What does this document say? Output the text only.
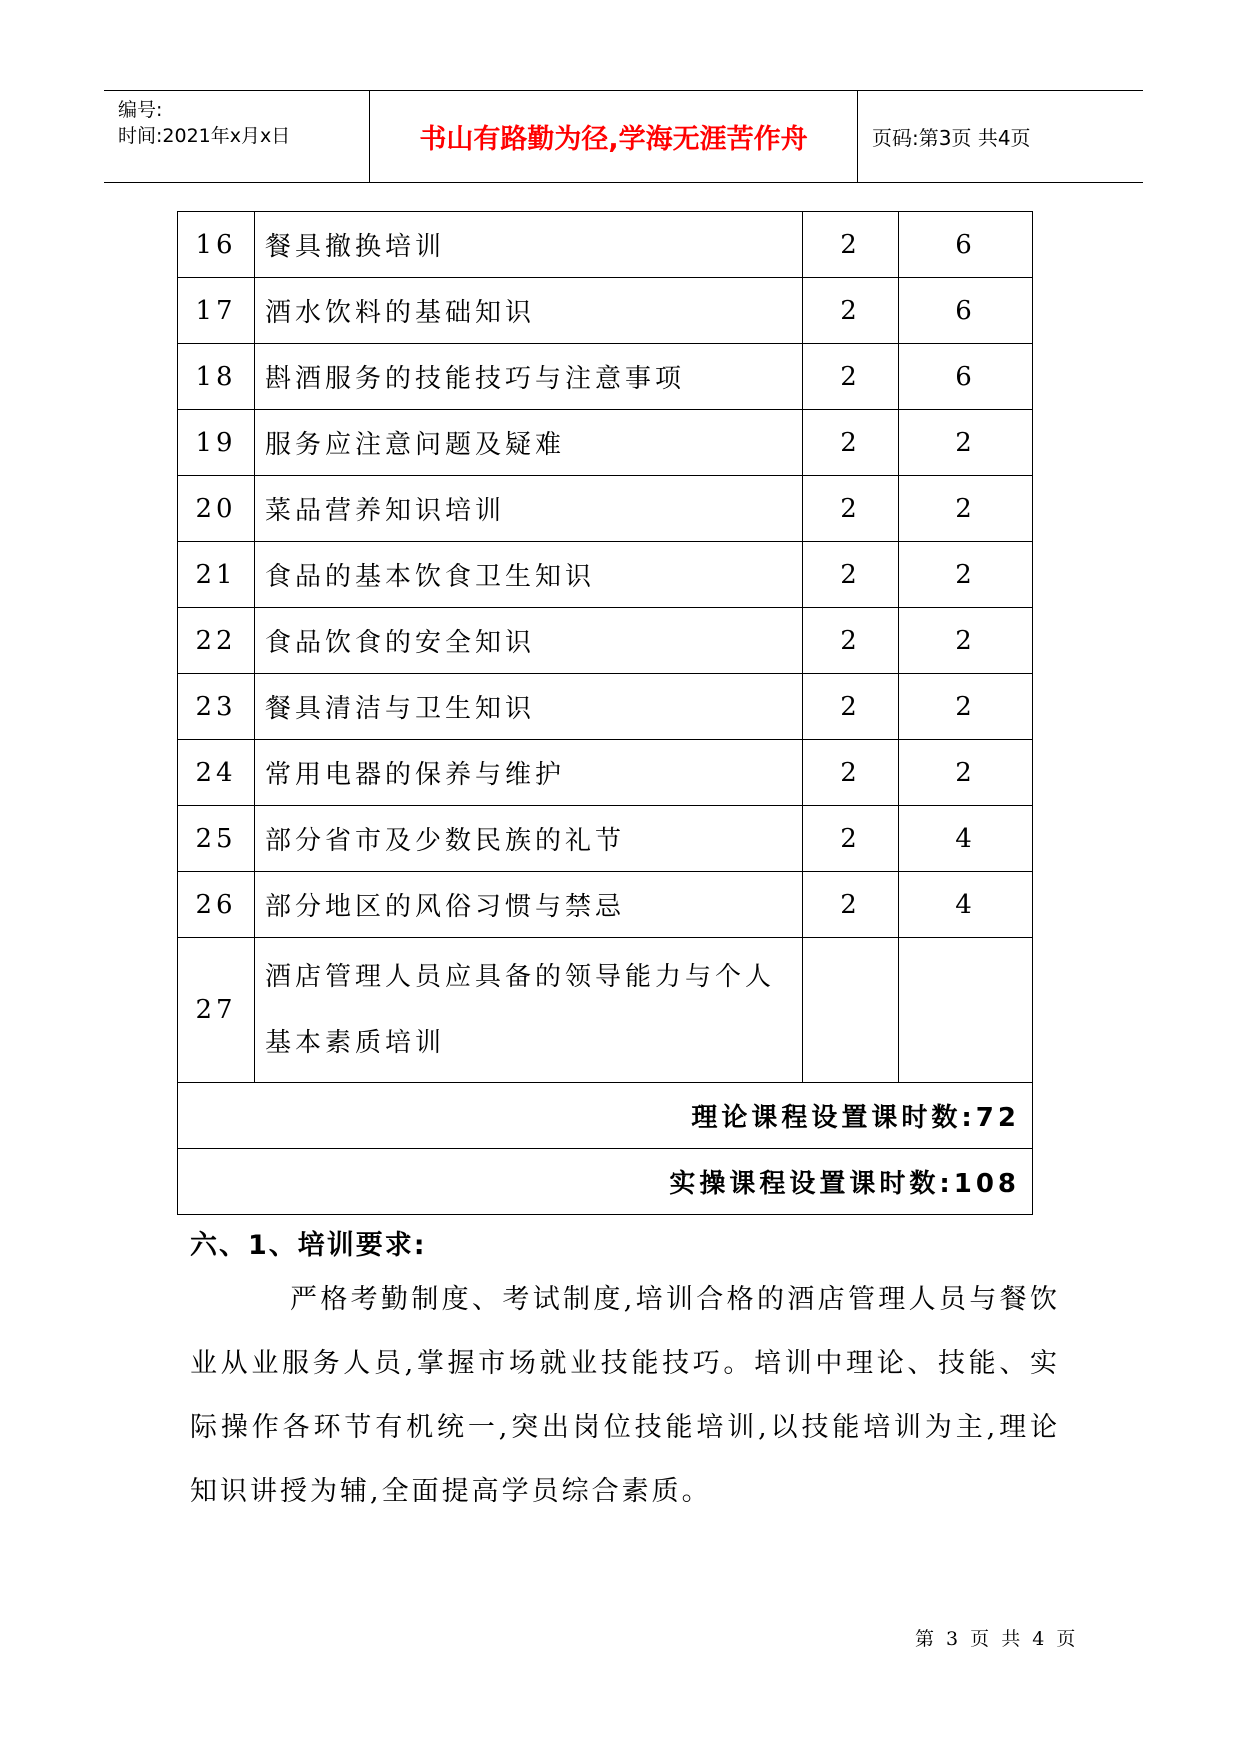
编号:
时间:2021年x月x日	书山有路勤为径,学海无涯苦作舟	页码:第3页 共4页
16	餐具撤换培训	2	6
17	酒水饮料的基础知识	2	6
18	斟酒服务的技能技巧与注意事项	2	6
19	服务应注意问题及疑难	2	2
20	菜品营养知识培训	2	2
21	食品的基本饮食卫生知识	2	2
22	食品饮食的安全知识	2	2
23	餐具清洁与卫生知识	2	2
24	常用电器的保养与维护	2	2
25	部分省市及少数民族的礼节	2	4
26	部分地区的风俗习惯与禁忌	2	4
27	酒店管理人员应具备的领导能力与个人基本素质培训		
理论课程设置课时数:72			
实操课程设置课时数:108			
六、1、培训要求:
严格考勤制度、考试制度,培训合格的酒店管理人员与餐饮业从业服务人员,掌握市场就业技能技巧。培训中理论、技能、实际操作各环节有机统一,突出岗位技能培训,以技能培训为主,理论知识讲授为辅,全面提高学员综合素质。
第 3 页 共 4 页
